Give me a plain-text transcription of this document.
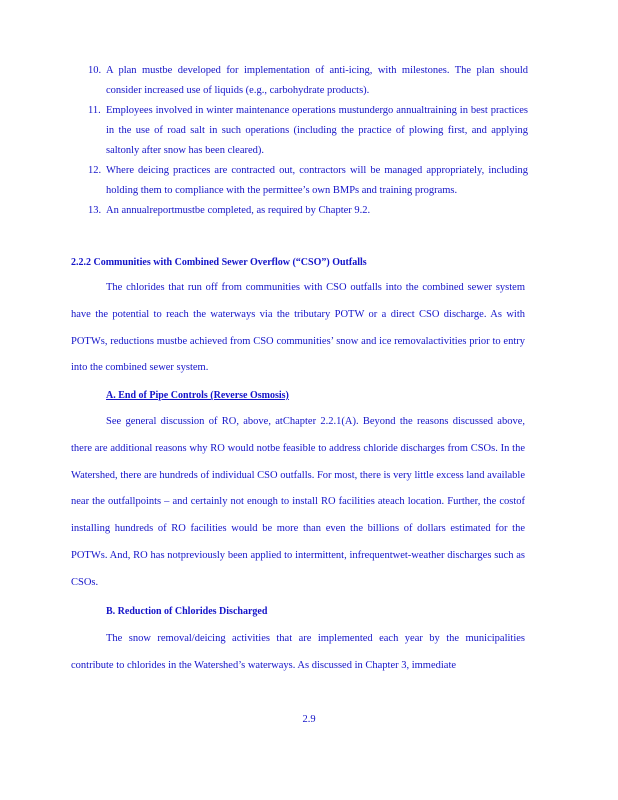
10. A plan mustbe developed for implementation of anti-icing, with milestones. The plan should consider increased use of liquids (e.g., carbohydrate products).
11. Employees involved in winter maintenance operations mustundergo annualtraining in best practices in the use of road salt in such operations (including the practice of plowing first, and applying saltonly after snow has been cleared).
12. Where deicing practices are contracted out, contractors will be managed appropriately, including holding them to compliance with the permittee’s own BMPs and training programs.
13. An annualreportmustbe completed, as required by Chapter 9.2.
2.2.2 Communities with Combined Sewer Overflow (“CSO”) Outfalls
The chlorides that run off from communities with CSO outfalls into the combined sewer system have the potential to reach the waterways via the tributary POTW or a direct CSO discharge. As with POTWs, reductions mustbe achieved from CSO communities’ snow and ice removalactivities prior to entry into the combined sewer system.
A. End of Pipe Controls (Reverse Osmosis)
See general discussion of RO, above, atChapter 2.2.1(A). Beyond the reasons discussed above, there are additional reasons why RO would notbe feasible to address chloride discharges from CSOs. In the Watershed, there are hundreds of individual CSO outfalls. For most, there is very little excess land available near the outfallpoints – and certainly not enough to install RO facilities ateach location. Further, the costof installing hundreds of RO facilities would be more than even the billions of dollars estimated for the POTWs. And, RO has notpreviously been applied to intermittent, infrequentwet-weather discharges such as CSOs.
B. Reduction of Chlorides Discharged
The snow removal/deicing activities that are implemented each year by the municipalities contribute to chlorides in the Watershed’s waterways. As discussed in Chapter 3, immediate
2.9
